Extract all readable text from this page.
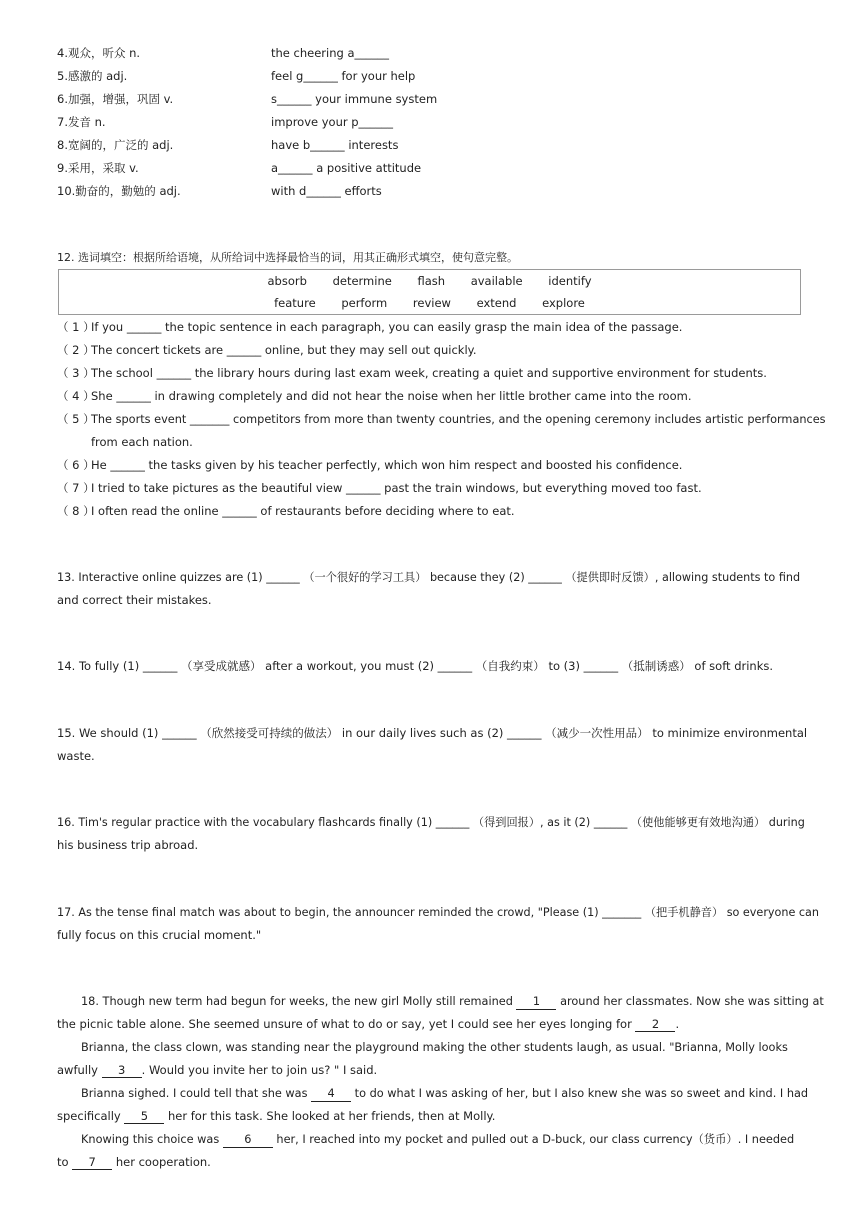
4.观众，听众 n.	the cheering a______
5.感激的 adj.	feel g______ for your help
6.加强，增强，巩固 v.	s______ your immune system
7.发音 n.	improve your p______
8.宽阔的，广泛的 adj.	have b______ interests
9.采用，采取 v.	a______ a positive attitude
10.勤奋的，勤勉的 adj.	with d______ efforts
12. 选词填空：根据所给语境，从所给词中选择最恰当的词，用其正确形式填空，使句意完整。
absorb determine flash available identify
feature perform review extend explore
（ 1 ）If you ______ the topic sentence in each paragraph, you can easily grasp the main idea of the passage.
（ 2 ）The concert tickets are ______ online, but they may sell out quickly.
（ 3 ）The school ______ the library hours during last exam week, creating a quiet and supportive environment for students.
（ 4 ）She ______ in drawing completely and did not hear the noise when her little brother came into the room.
（ 5 ）The sports event _______ competitors from more than twenty countries, and the opening ceremony includes artistic performances
from each nation.
（ 6 ）He ______ the tasks given by his teacher perfectly, which won him respect and boosted his confidence.
（ 7 ）I tried to take pictures as the beautiful view ______ past the train windows, but everything moved too fast.
（ 8 ）I often read the online ______ of restaurants before deciding where to eat.
13. Interactive online quizzes are (1) ______ （一个很好的学习工具） because they (2) ______ （提供即时反馈）, allowing students to find
and correct their mistakes.
14. To fully (1) ______ （享受成就感） after a workout, you must (2) ______ （自我约束） to (3) ______ （抵制诱惑） of soft drinks.
15. We should (1) ______ （欣然接受可持续的做法） in our daily lives such as (2) ______ （减少一次性用品） to minimize environmental
waste.
16. Tim's regular practice with the vocabulary flashcards finally (1) ______ （得到回报）, as it (2) ______ （使他能够更有效地沟通） during
his business trip abroad.
17. As the tense final match was about to begin, the announcer reminded the crowd, "Please (1) _______ （把手机静音） so everyone can
fully focus on this crucial moment."
18. Though new term had begun for weeks, the new girl Molly still remained 1 around her classmates. Now she was sitting at
the picnic table alone. She seemed unsure of what to do or say, yet I could see her eyes longing for 2 .
Brianna, the class clown, was standing near the playground making the other students laugh, as usual. "Brianna, Molly looks
awfully 3 . Would you invite her to join us? " I said.
Brianna sighed. I could tell that she was 4 to do what I was asking of her, but I also knew she was so sweet and kind. I had
specifically 5 her for this task. She looked at her friends, then at Molly.
Knowing this choice was 6 her, I reached into my pocket and pulled out a D-buck, our class currency（货币）. I needed
to 7 her cooperation.
